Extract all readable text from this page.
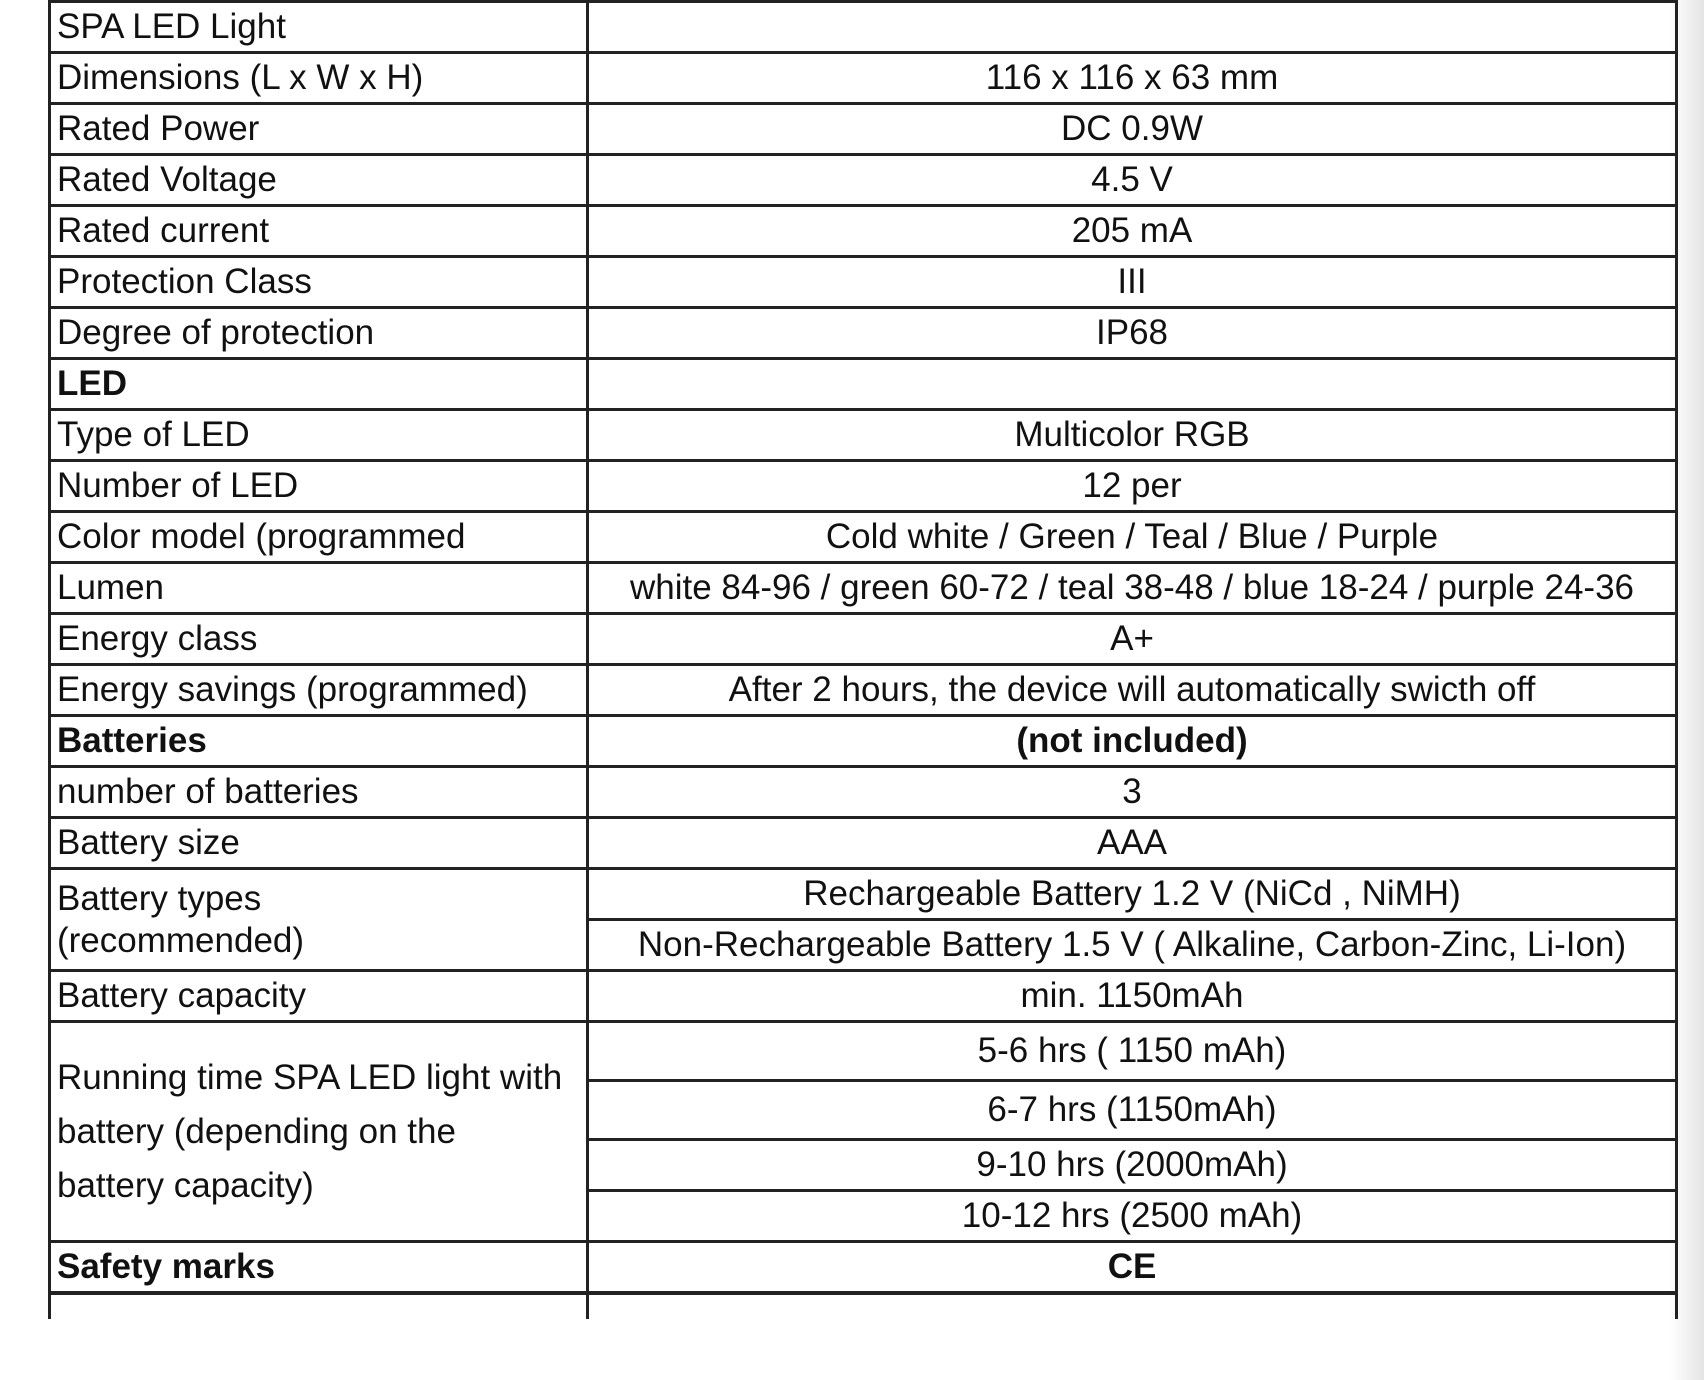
SPA LED Light	
Dimensions (L x W x H)	116 x 116 x 63 mm
Rated Power	DC 0.9W
Rated Voltage	4.5 V
Rated current	205 mA
Protection Class	III
Degree of protection	IP68
LED	
Type of LED	Multicolor RGB
Number of LED	12 per
Color model (programmed	Cold white / Green / Teal / Blue / Purple
Lumen	white 84-96 / green 60-72 / teal 38-48 / blue 18-24 / purple 24-36
Energy class	A+
Energy savings (programmed)	After 2 hours, the device will automatically swicth off
Batteries	(not included)
number of batteries	3
Battery size	AAA
Battery types
(recommended)	Rechargeable Battery 1.2 V (NiCd , NiMH)
	Non-Rechargeable Battery 1.5 V ( Alkaline, Carbon-Zinc, Li-Ion)
Battery capacity	min. 1150mAh
Running time SPA LED light with
battery (depending on the
battery capacity)	5-6 hrs ( 1150 mAh)
	6-7 hrs (1150mAh)
	9-10 hrs (2000mAh)
	10-12 hrs (2500 mAh)
Safety marks	CE
